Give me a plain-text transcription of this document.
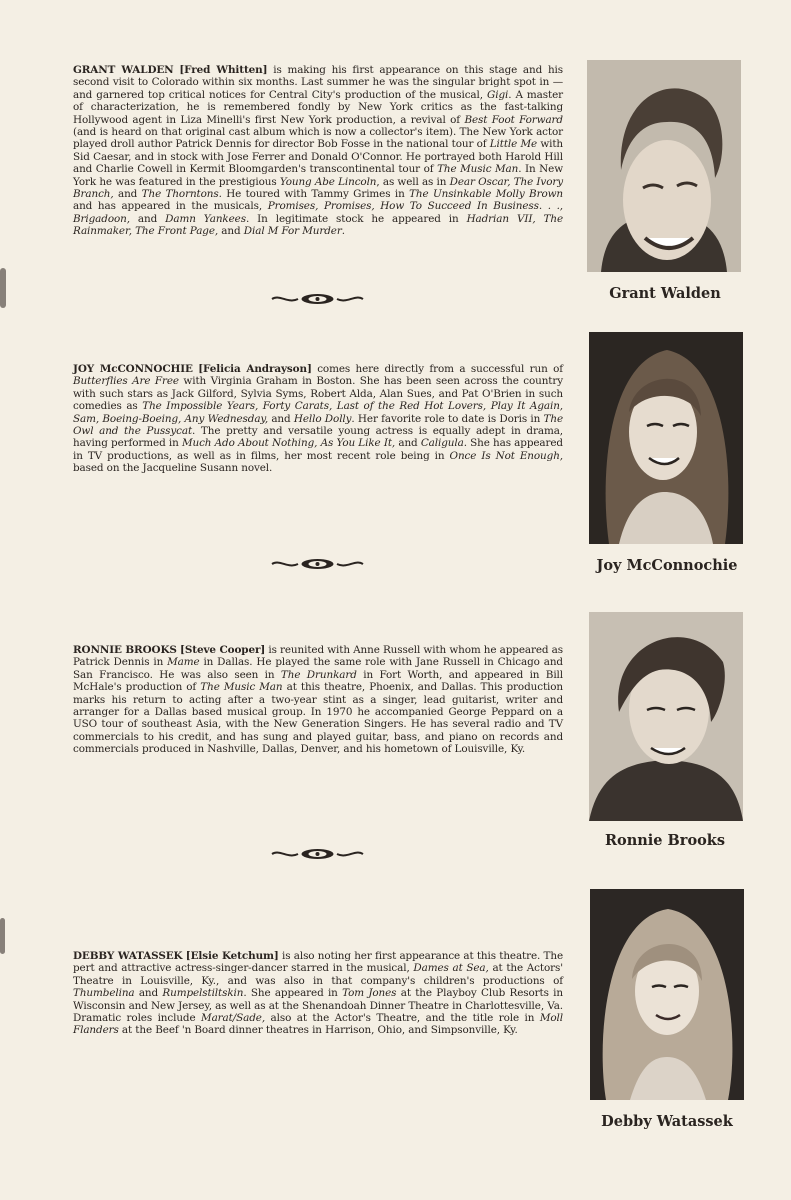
GRANT WALDEN [Fred Whitten] is making his first appearance on this stage and his second visit to Colorado within six months. Last summer he was the singular bright spot in — and garnered top critical notices for Central City's production of the musical, Gigi. A master of characterization, he is remembered fondly by New York critics as the fast-talking Hollywood agent in Liza Minelli's first New York production, a revival of Best Foot Forward (and is heard on that original cast album which is now a collector's item). The New York actor played droll author Patrick Dennis for director Bob Fosse in the national tour of Little Me with Sid Caesar, and in stock with Jose Ferrer and Donald O'Connor. He portrayed both Harold Hill and Charlie Cowell in Kermit Bloomgarden's transcontinental tour of The Music Man. In New York he was featured in the prestigious Young Abe Lincoln, as well as in Dear Oscar, The Ivory Branch, and The Thorntons. He toured with Tammy Grimes in The Unsinkable Molly Brown and has appeared in the musicals, Promises, Promises, How To Succeed In Business. . ., Brigadoon, and Damn Yankees. In legitimate stock he appeared in Hadrian VII, The Rainmaker, The Front Page, and Dial M For Murder.
Grant Walden
JOY McCONNOCHIE [Felicia Andrayson] comes here directly from a successful run of Butterflies Are Free with Virginia Graham in Boston. She has been seen across the country with such stars as Jack Gilford, Sylvia Syms, Robert Alda, Alan Sues, and Pat O'Brien in such comedies as The Impossible Years, Forty Carats, Last of the Red Hot Lovers, Play It Again, Sam, Boeing-Boeing, Any Wednesday, and Hello Dolly. Her favorite role to date is Doris in The Owl and the Pussycat. The pretty and versatile young actress is equally adept in drama, having performed in Much Ado About Nothing, As You Like It, and Caligula. She has appeared in TV productions, as well as in films, her most recent role being in Once Is Not Enough, based on the Jacqueline Susann novel.
Joy McConnochie
RONNIE BROOKS [Steve Cooper] is reunited with Anne Russell with whom he appeared as Patrick Dennis in Mame in Dallas. He played the same role with Jane Russell in Chicago and San Francisco. He was also seen in The Drunkard in Fort Worth, and appeared in Bill McHale's production of The Music Man at this theatre, Phoenix, and Dallas. This production marks his return to acting after a two-year stint as a singer, lead guitarist, writer and arranger for a Dallas based musical group. In 1970 he accompanied George Peppard on a USO tour of southeast Asia, with the New Generation Singers. He has several radio and TV commercials to his credit, and has sung and played guitar, bass, and piano on records and commercials produced in Nashville, Dallas, Denver, and his hometown of Louisville, Ky.
Ronnie Brooks
DEBBY WATASSEK [Elsie Ketchum] is also noting her first appearance at this theatre. The pert and attractive actress-singer-dancer starred in the musical, Dames at Sea, at the Actors' Theatre in Louisville, Ky., and was also in that company's children's productions of Thumbelina and Rumpelstiltskin. She appeared in Tom Jones at the Playboy Club Resorts in Wisconsin and New Jersey, as well as at the Shenandoah Dinner Theatre in Charlottesville, Va. Dramatic roles include Marat/Sade, also at the Actor's Theatre, and the title role in Moll Flanders at the Beef 'n Board dinner theatres in Harrison, Ohio, and Simpsonville, Ky.
Debby Watassek
